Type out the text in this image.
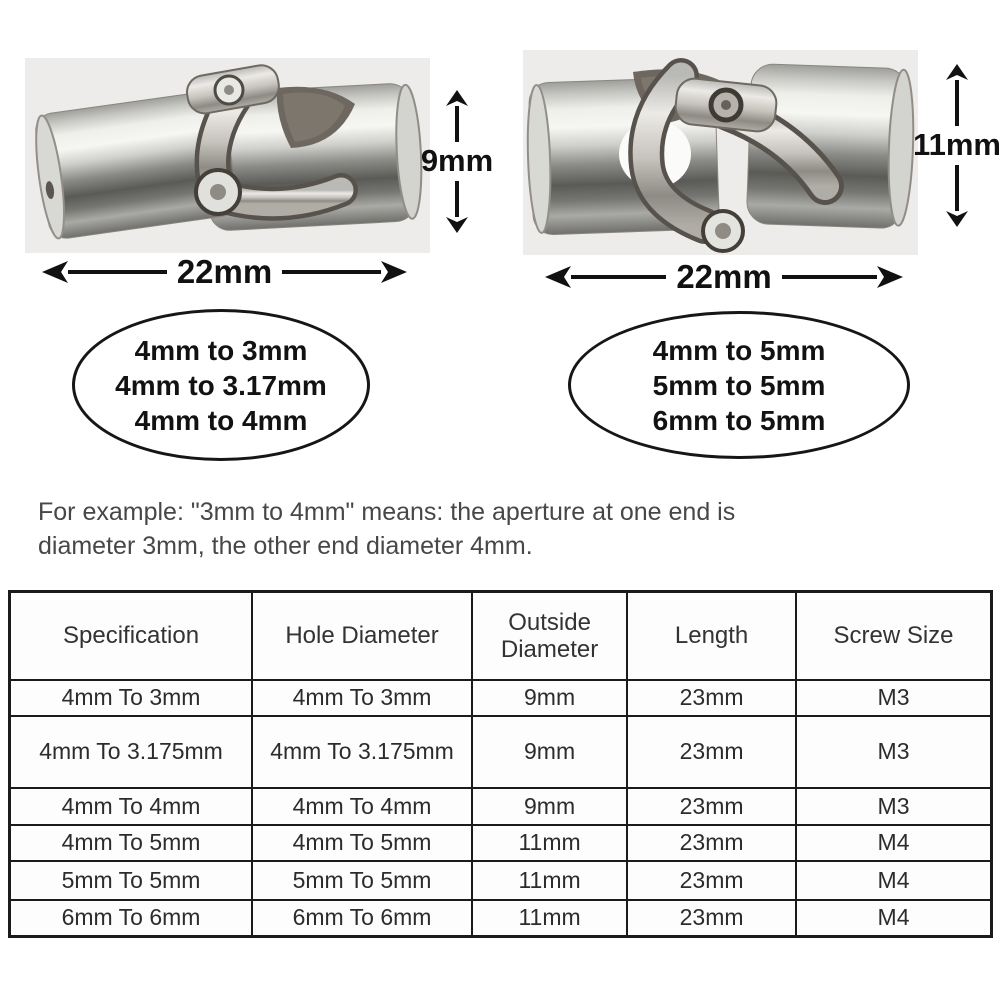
9mm
22mm
11mm
22mm
4mm to 3mm
4mm to 3.17mm
4mm to 4mm
4mm to 5mm
5mm to 5mm
6mm to 5mm
For example: "3mm to 4mm" means: the aperture at one end is
diameter 3mm, the other end diameter 4mm.
Specification	Hole Diameter	Outside Diameter	Length	Screw Size
4mm To 3mm	4mm To 3mm	9mm	23mm	M3
4mm To 3.175mm	4mm To 3.175mm	9mm	23mm	M3
4mm To 4mm	4mm To 4mm	9mm	23mm	M3
4mm To 5mm	4mm To 5mm	11mm	23mm	M4
5mm To 5mm	5mm To 5mm	11mm	23mm	M4
6mm To 6mm	6mm To 6mm	11mm	23mm	M4
